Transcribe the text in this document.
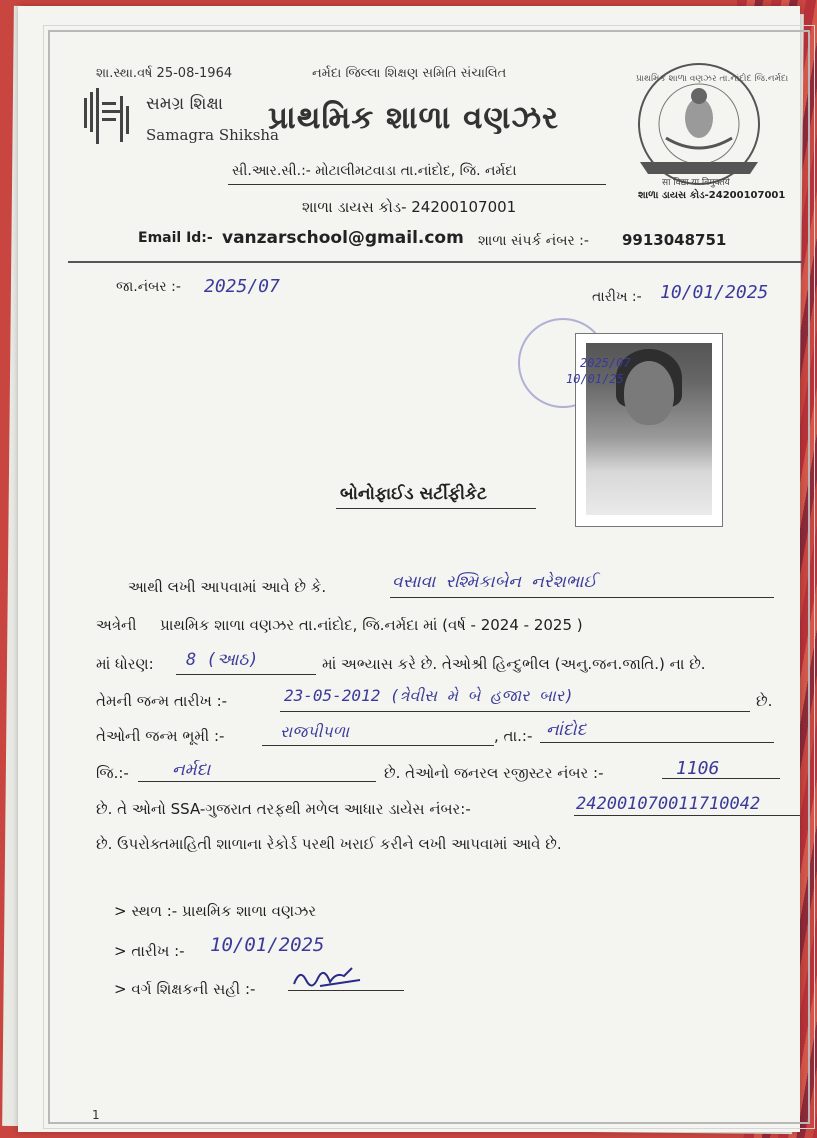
શા.સ્થા.વર્ષ 25-08-1964	નર્મદા જિલ્લા શિક્ષણ સમિતિ સંચાલિત
સમગ્ર શિક્ષા
Samagra Shiksha
પ્રાથમિક શાળા વણઝર
સી.આર.સી.:- મોટાલીમટવાડા તા.નાંદોદ, જિ. નર્મદા
શાળા ડાયસ કોડ- 24200107001
Email Id:- vanzarschool@gmail.com શાળા સંપર્ક નંબર :- 9913048751
પ્રાથમિક શાળા વણઝર તા.નાંદોદ જિ.નર્મદા
सा विद्या या विमुक्तये
શાળા ડાયસ કોડ-24200107001
જા.નંબર :- 2025/07	તારીખ :- 10/01/2025
2025/07
10/01/25
બોનોફાઈડ સર્ટીફીકેટ
આથી લખી આપવામાં આવે છે કે.	વસાવા રશ્મિકાબેન નરેશભાઈ
અત્રેની પ્રાથમિક શાળા વણઝર તા.નાંદોદ, જિ.નર્મદા માં (વર્ષ - 2024 - 2025 )
માં ધોરણ: 8 (આઠ)	માં અભ્યાસ કરે છે. તેઓશ્રી હિન્દુભીલ (અનુ.જન.જાતિ.) ના છે.
તેમની જન્મ તારીખ :-	23-05-2012 (ત્રેવીસ મે બે હજાર બાર)	છે.
તેઓની જન્મ ભૂમી :-	રાજપીપળા	, તા.:- નાંદોદ
જિ.:-	નર્મદા	છે. તેઓનો જનરલ રજીસ્ટર નંબર :-	1106
છે. તે ઓનો SSA-ગુજરાત તરફથી મળેલ આધાર ડાયેસ નંબર:-	242001070011710042
છે. ઉપરોક્તમાહિતી શાળાના રેકોર્ડ પરથી ખરાઈ કરીને લખી આપવામાં આવે છે.
> સ્થળ :- પ્રાથમિક શાળા વણઝર
> તારીખ :- 10/01/2025
> વર્ગ શિક્ષકની સહી :-
1
